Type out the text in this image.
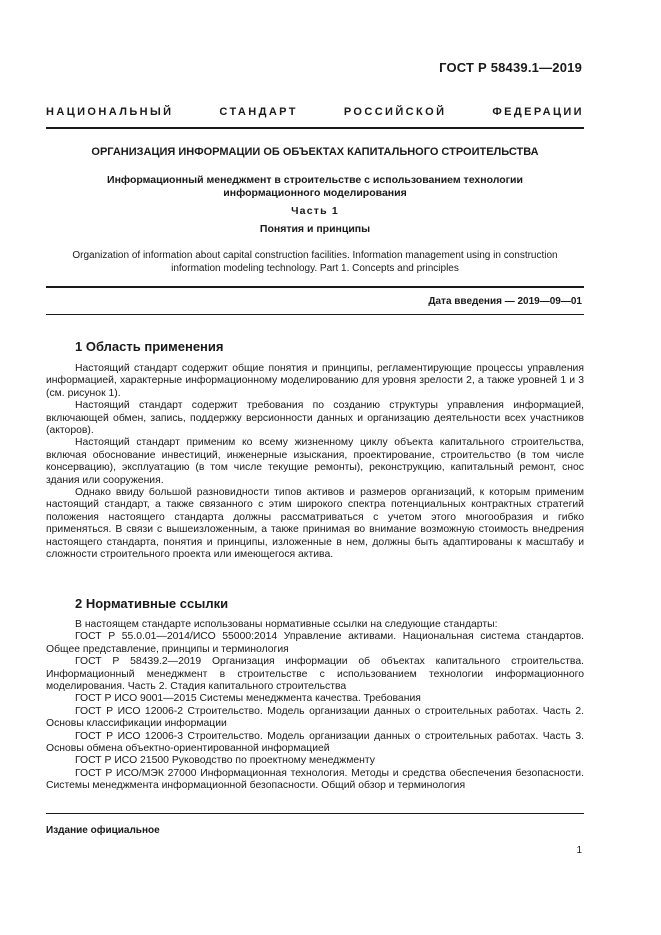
ГОСТ Р 58439.1—2019
НАЦИОНАЛЬНЫЙ СТАНДАРТ РОССИЙСКОЙ ФЕДЕРАЦИИ
ОРГАНИЗАЦИЯ ИНФОРМАЦИИ ОБ ОБЪЕКТАХ КАПИТАЛЬНОГО СТРОИТЕЛЬСТВА
Информационный менеджмент в строительстве с использованием технологии информационного моделирования
Часть 1
Понятия и принципы
Organization of information about capital construction facilities. Information management using in construction information modeling technology. Part 1. Concepts and principles
Дата введения — 2019—09—01
1 Область применения

Настоящий стандарт содержит общие понятия и принципы, регламентирующие процессы управления информацией, характерные информационному моделированию для уровня зрелости 2, а также уровней 1 и 3 (см. рисунок 1).

Настоящий стандарт содержит требования по созданию структуры управления информацией, включающей обмен, запись, поддержку версионности данных и организацию деятельности всех участников (акторов).

Настоящий стандарт применим ко всему жизненному циклу объекта капитального строительства, включая обоснование инвестиций, инженерные изыскания, проектирование, строительство (в том числе консервацию), эксплуатацию (в том числе текущие ремонты), реконструкцию, капитальный ремонт, снос здания или сооружения.

Однако ввиду большой разновидности типов активов и размеров организаций, к которым применим настоящий стандарт, а также связанного с этим широкого спектра потенциальных контрактных стратегий положения настоящего стандарта должны рассматриваться с учетом этого многообразия и гибко применяться. В связи с вышеизложенным, а также принимая во внимание возможную стоимость внедрения настоящего стандарта, понятия и принципы, изложенные в нем, должны быть адаптированы к масштабу и сложности строительного проекта или имеющегося актива.

2 Нормативные ссылки

В настоящем стандарте использованы нормативные ссылки на следующие стандарты:

ГОСТ Р 55.0.01—2014/ИСО 55000:2014 Управление активами. Национальная система стандартов. Общее представление, принципы и терминология

ГОСТ Р 58439.2—2019 Организация информации об объектах капитального строительства. Информационный менеджмент в строительстве с использованием технологии информационного моделирования. Часть 2. Стадия капитального строительства

ГОСТ Р ИСО 9001—2015 Системы менеджмента качества. Требования

ГОСТ Р ИСО 12006-2 Строительство. Модель организации данных о строительных работах. Часть 2. Основы классификации информации

ГОСТ Р ИСО 12006-3 Строительство. Модель организации данных о строительных работах. Часть 3. Основы обмена объектно-ориентированной информацией

ГОСТ Р ИСО 21500 Руководство по проектному менеджменту

ГОСТ Р ИСО/МЭК 27000 Информационная технология. Методы и средства обеспечения безопасности. Системы менеджмента информационной безопасности. Общий обзор и терминология

Издание официальное
1
